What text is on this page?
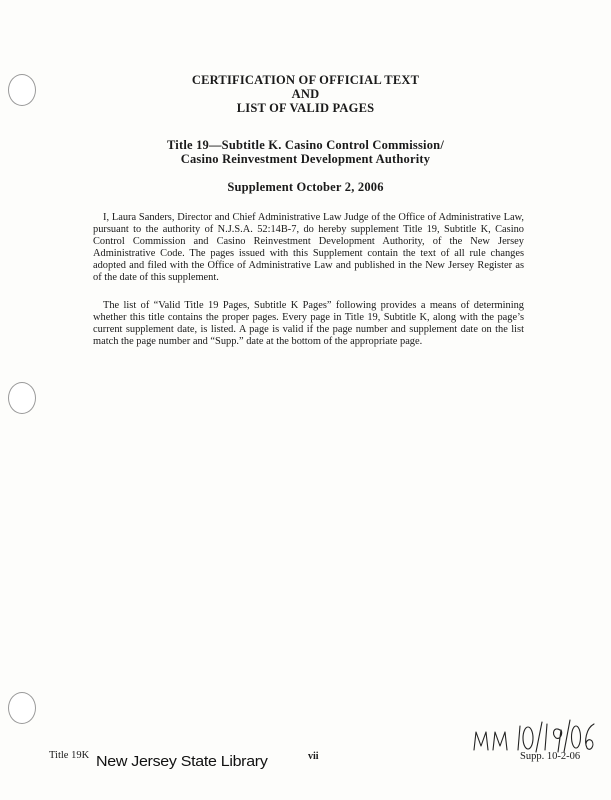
CERTIFICATION OF OFFICIAL TEXT
AND
LIST OF VALID PAGES
Title 19—Subtitle K. Casino Control Commission/
Casino Reinvestment Development Authority
Supplement October 2, 2006

I, Laura Sanders, Director and Chief Administrative Law Judge of the Office of Administrative Law, pursuant to the authority of N.J.S.A. 52:14B-7, do hereby supplement Title 19, Subtitle K, Casino Control Commission and Casino Reinvestment Development Authority, of the New Jersey Administrative Code. The pages issued with this Supplement contain the text of all rule changes adopted and filed with the Office of Administrative Law and published in the New Jersey Register as of the date of this supplement.

The list of “Valid Title 19 Pages, Subtitle K Pages” following provides a means of determining whether this title contains the proper pages. Every page in Title 19, Subtitle K, along with the page’s current supplement date, is listed. A page is valid if the page number and supplement date on the list match the page number and “Supp.” date at the bottom of the appropriate page.

Title 19K New Jersey State Library	vii	Supp. 10-2-06
